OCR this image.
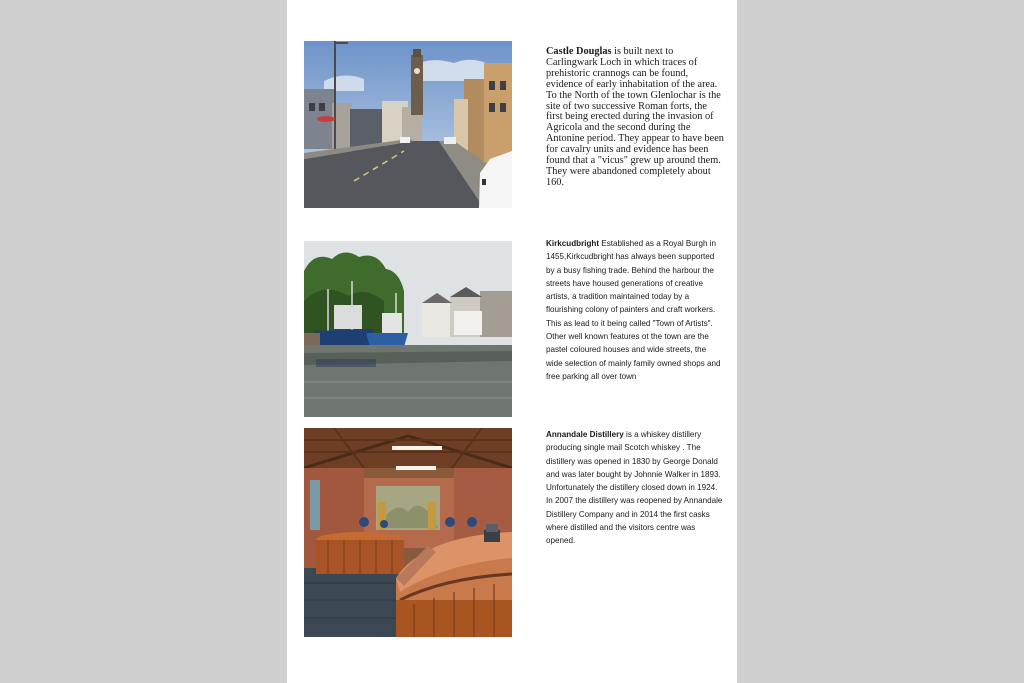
Castle Douglas is built next to Carlingwark Loch in which traces of prehistoric crannogs can be found, evidence of early inhabitation of the area. To the North of the town Glenlochar is the site of two successive Roman forts, the first being erected during the invasion of Agricola and the second during the Antonine period. They appear to have been for cavalry units and evidence has been found that a "vicus" grew up around them. They were abandoned completely about 160.
Kirkcudbright Established as a Royal Burgh in 1455,Kirkcudbright has always been supported by a busy fishing trade. Behind the harbour the streets have housed generations of creative artists, a tradition maintained today by a flourishing colony of painters and craft workers. This as lead to it being called "Town of Artists". Other well known features ot the town are the pastel coloured houses and wide streets, the wide selection of mainly family owned shops and free parking all over town
Annandale Distillery is a whiskey distillery producing single mail Scotch whiskey . The distillery was opened in 1830 by George Donald and was later bought by Johnnie Walker in 1893. Unfortunately the distillery closed down in 1924. In 2007 the distillery was reopened by Annandale Distillery Company and in 2014 the first casks where distilled and the visitors centre was opened.
